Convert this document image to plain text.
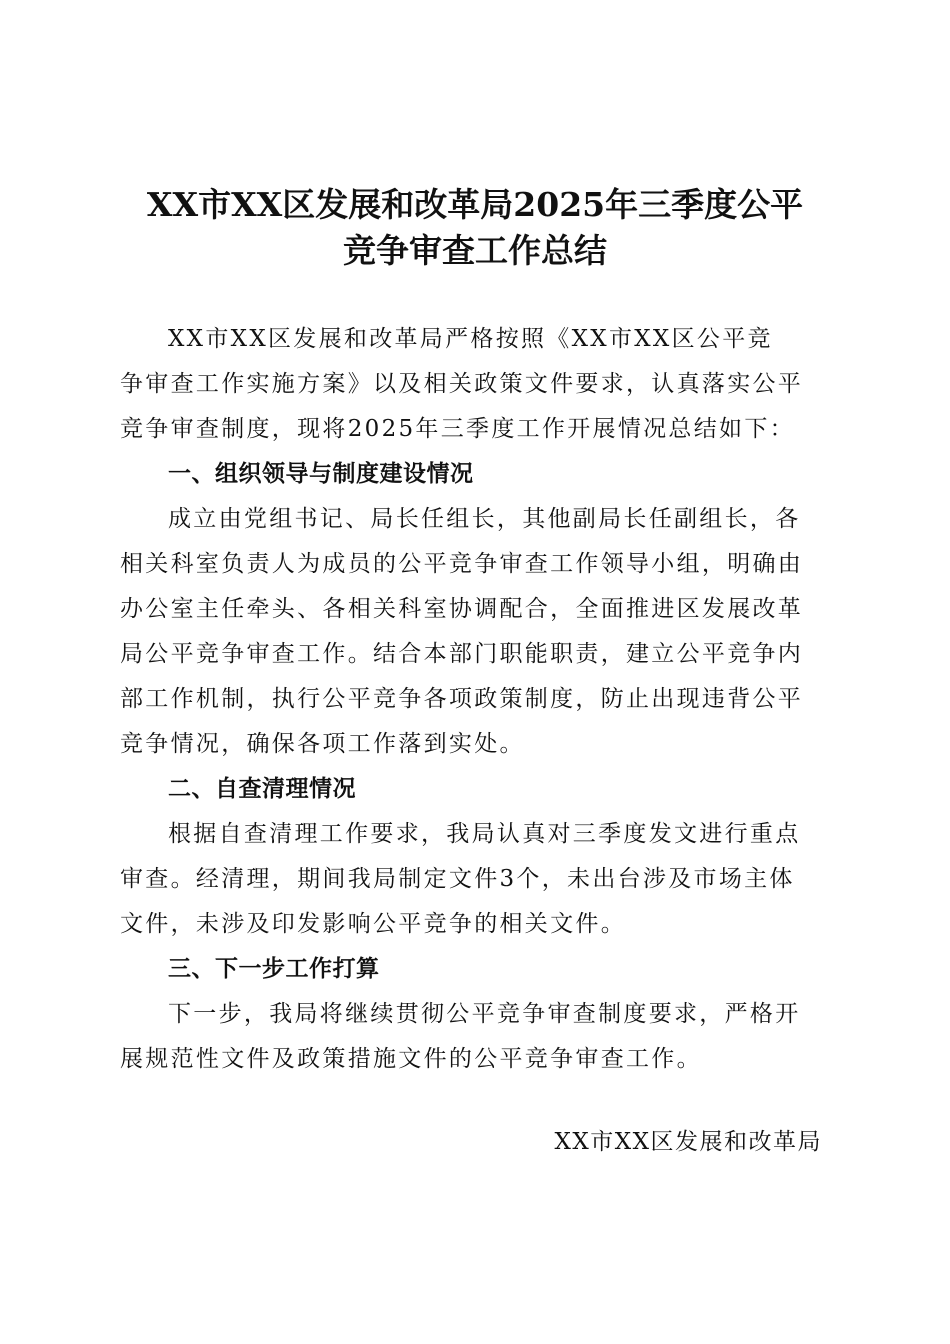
XX市XX区发展和改革局2025年三季度公平
竞争审查工作总结

XX市XX区发展和改革局严格按照《XX市XX区公平竞

争审查工作实施方案》以及相关政策文件要求，认真落实公平

竞争审查制度，现将2025年三季度工作开展情况总结如下：

一、组织领导与制度建设情况

成立由党组书记、局长任组长，其他副局长任副组长，各

相关科室负责人为成员的公平竞争审查工作领导小组，明确由

办公室主任牵头、各相关科室协调配合，全面推进区发展改革

局公平竞争审查工作。结合本部门职能职责，建立公平竞争内

部工作机制，执行公平竞争各项政策制度，防止出现违背公平

竞争情况，确保各项工作落到实处。

二、自查清理情况

根据自查清理工作要求，我局认真对三季度发文进行重点

审查。经清理，期间我局制定文件3个，未出台涉及市场主体

文件，未涉及印发影响公平竞争的相关文件。

三、下一步工作打算

下一步，我局将继续贯彻公平竞争审查制度要求，严格开

展规范性文件及政策措施文件的公平竞争审查工作。

XX市XX区发展和改革局
